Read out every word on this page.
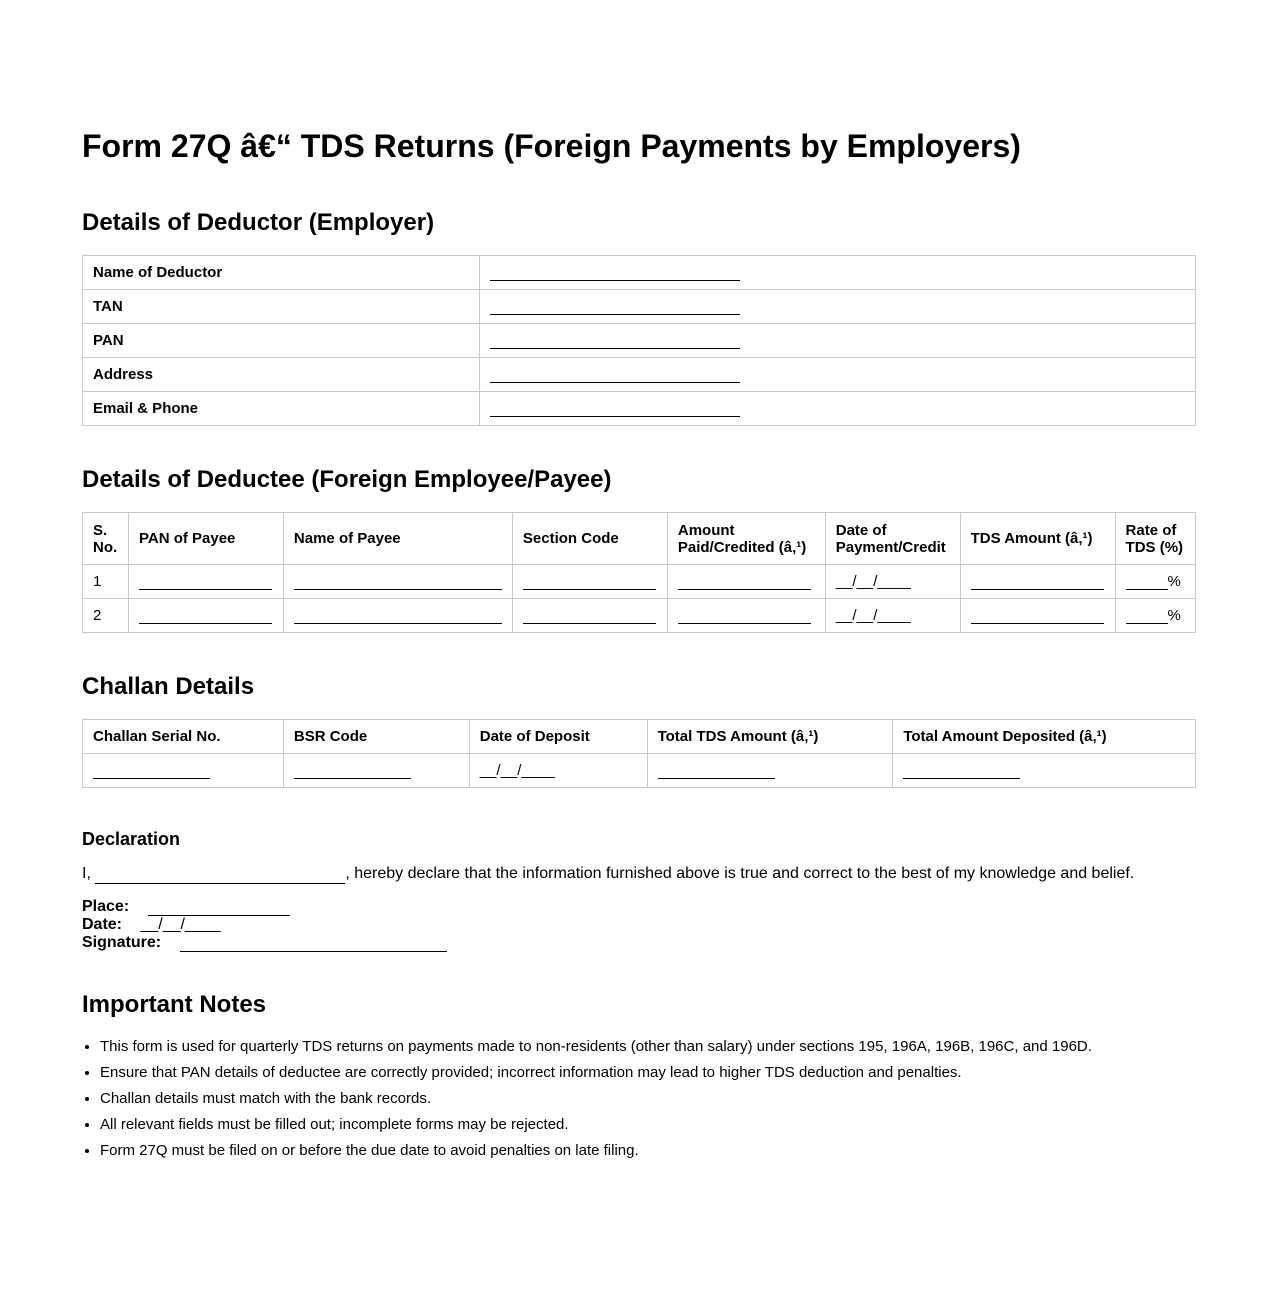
Form 27Q â€“ TDS Returns (Foreign Payments by Employers)
Details of Deductor (Employer)
Name of Deductor	
TAN	
PAN	
Address	
Email & Phone	
Details of Deductee (Foreign Employee/Payee)
S. No.	PAN of Payee	Name of Payee	Section Code	Amount Paid/Credited (â‚¹)	Date of Payment/Credit	TDS Amount (â‚¹)	Rate of TDS (%)
1					__/__/____		%
2					__/__/____		%
Challan Details
Challan Serial No.	BSR Code	Date of Deposit	Total TDS Amount (â‚¹)	Total Amount Deposited (â‚¹)
		__/__/____		
Declaration

I,	, hereby declare that the information furnished above is true and correct to the best of my knowledge and belief.

Place:
Date: __/__/____
Signature:
Important Notes
• This form is used for quarterly TDS returns on payments made to non-residents (other than salary) under sections 195, 196A, 196B, 196C, and 196D.
• Ensure that PAN details of deductee are correctly provided; incorrect information may lead to higher TDS deduction and penalties.
• Challan details must match with the bank records.
• All relevant fields must be filled out; incomplete forms may be rejected.
• Form 27Q must be filed on or before the due date to avoid penalties on late filing.
